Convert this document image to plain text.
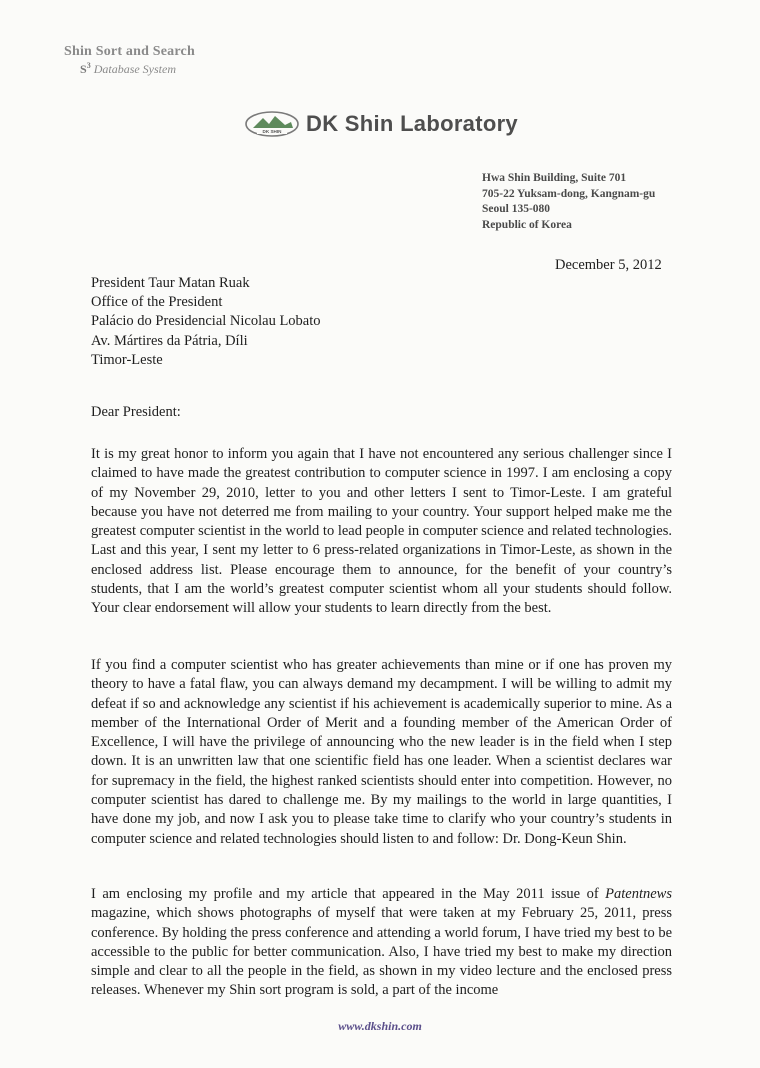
Shin Sort and Search
$S^3$ Database System
DK SHIN DK Shin Laboratory
Hwa Shin Building, Suite 701
705-22 Yuksam-dong, Kangnam-gu
Seoul 135-080
Republic of Korea
December 5, 2012
President Taur Matan Ruak
Office of the President
Palácio do Presidencial Nicolau Lobato
Av. Mártires da Pátria, Díli
Timor-Leste
Dear President:
It is my great honor to inform you again that I have not encountered any serious challenger since I claimed to have made the greatest contribution to computer science in 1997. I am enclosing a copy of my November 29, 2010, letter to you and other letters I sent to Timor-Leste. I am grateful because you have not deterred me from mailing to your country. Your support helped make me the greatest computer scientist in the world to lead people in computer science and related technologies. Last and this year, I sent my letter to 6 press-related organizations in Timor-Leste, as shown in the enclosed address list. Please encourage them to announce, for the benefit of your country’s students, that I am the world’s greatest computer scientist whom all your students should follow. Your clear endorsement will allow your students to learn directly from the best.
If you find a computer scientist who has greater achievements than mine or if one has proven my theory to have a fatal flaw, you can always demand my decampment. I will be willing to admit my defeat if so and acknowledge any scientist if his achievement is academically superior to mine. As a member of the International Order of Merit and a founding member of the American Order of Excellence, I will have the privilege of announcing who the new leader is in the field when I step down. It is an unwritten law that one scientific field has one leader. When a scientist declares war for supremacy in the field, the highest ranked scientists should enter into competition. However, no computer scientist has dared to challenge me. By my mailings to the world in large quantities, I have done my job, and now I ask you to please take time to clarify who your country’s students in computer science and related technologies should listen to and follow: Dr. Dong-Keun Shin.
I am enclosing my profile and my article that appeared in the May 2011 issue of Patentnews magazine, which shows photographs of myself that were taken at my February 25, 2011, press conference. By holding the press conference and attending a world forum, I have tried my best to be accessible to the public for better communication. Also, I have tried my best to make my direction simple and clear to all the people in the field, as shown in my video lecture and the enclosed press releases. Whenever my Shin sort program is sold, a part of the income
www.dkshin.com
